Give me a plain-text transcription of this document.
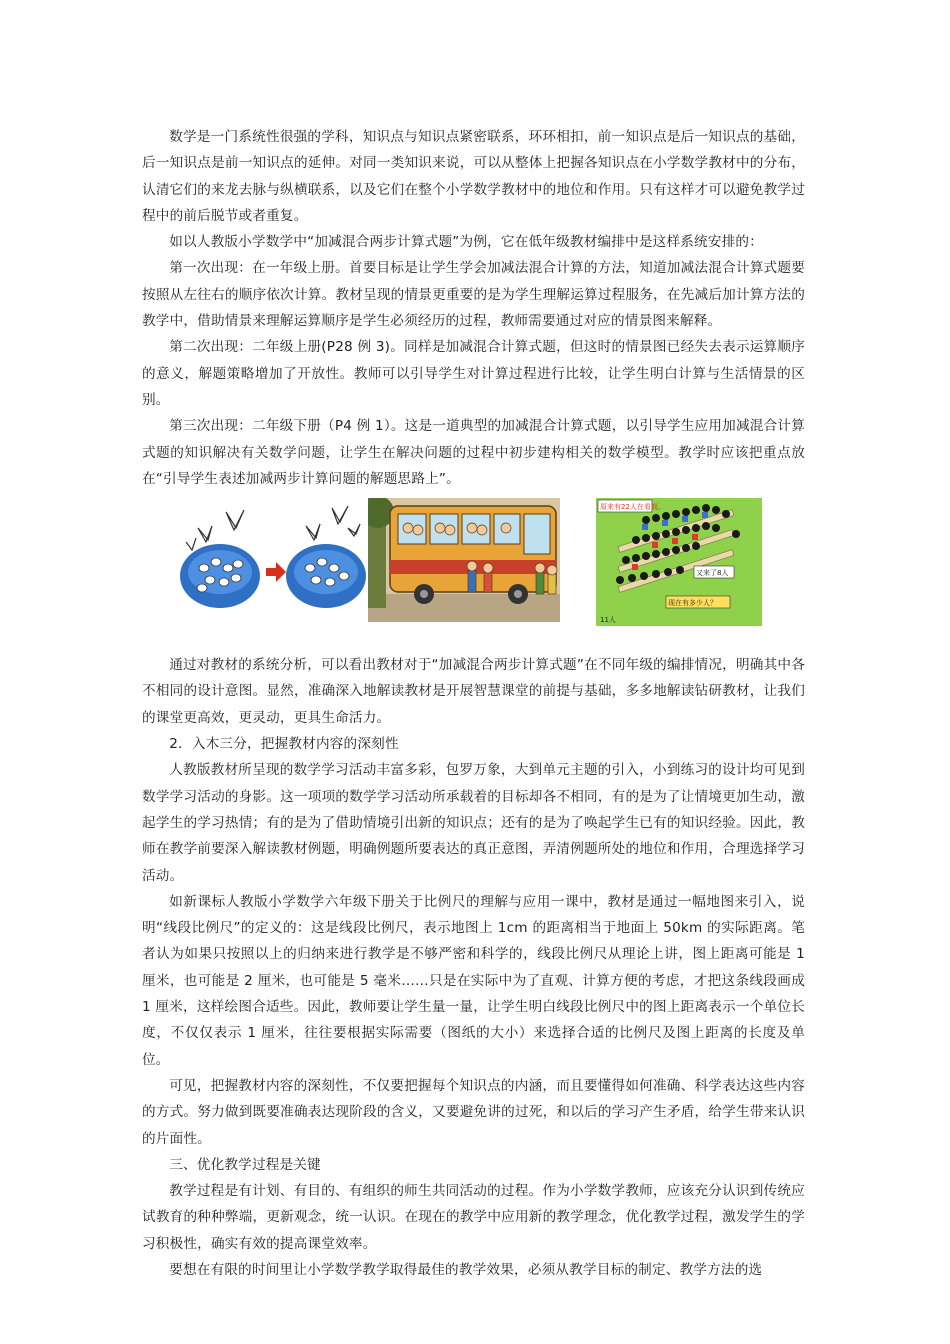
数学是一门系统性很强的学科，知识点与知识点紧密联系，环环相扣，前一知识点是后一知识点的基础，后一知识点是前一知识点的延伸。对同一类知识来说，可以从整体上把握各知识点在小学数学教材中的分布，认清它们的来龙去脉与纵横联系，以及它们在整个小学数学教材中的地位和作用。只有这样才可以避免教学过程中的前后脱节或者重复。

如以人教版小学数学中“加减混合两步计算式题”为例，它在低年级教材编排中是这样系统安排的：

第一次出现：在一年级上册。首要目标是让学生学会加减法混合计算的方法，知道加减法混合计算式题要按照从左往右的顺序依次计算。教材呈现的情景更重要的是为学生理解运算过程服务，在先减后加计算方法的教学中，借助情景来理解运算顺序是学生必须经历的过程，教师需要通过对应的情景图来解释。

第二次出现：二年级上册(P28 例 3)。同样是加减混合计算式题，但这时的情景图已经失去表示运算顺序的意义，解题策略增加了开放性。教师可以引导学生对计算过程进行比较，让学生明白计算与生活情景的区别。

第三次出现：二年级下册（P4 例 1）。这是一道典型的加减混合计算式题，以引导学生应用加减混合计算式题的知识解决有关数学问题，让学生在解决问题的过程中初步建构相关的数学模型。教学时应该把重点放在“引导学生表述加减两步计算问题的解题思路上”。

原来有22人在看戏。
又来了8人
现在有多少人？
11人

通过对教材的系统分析，可以看出教材对于“加减混合两步计算式题”在不同年级的编排情况，明确其中各不相同的设计意图。显然，准确深入地解读教材是开展智慧课堂的前提与基础，多多地解读钻研教材，让我们的课堂更高效，更灵动，更具生命活力。

2．入木三分，把握教材内容的深刻性

人教版教材所呈现的数学学习活动丰富多彩，包罗万象，大到单元主题的引入，小到练习的设计均可见到数学学习活动的身影。这一项项的数学学习活动所承载着的目标却各不相同，有的是为了让情境更加生动，激起学生的学习热情；有的是为了借助情境引出新的知识点；还有的是为了唤起学生已有的知识经验。因此，教师在教学前要深入解读教材例题，明确例题所要表达的真正意图，弄清例题所处的地位和作用，合理选择学习活动。

如新课标人教版小学数学六年级下册关于比例尺的理解与应用一课中，教材是通过一幅地图来引入，说明“线段比例尺”的定义的：这是线段比例尺，表示地图上 1cm 的距离相当于地面上 50km 的实际距离。笔者认为如果只按照以上的归纳来进行教学是不够严密和科学的，线段比例尺从理论上讲，图上距离可能是 1 厘米，也可能是 2 厘米，也可能是 5 毫米……只是在实际中为了直观、计算方便的考虑，才把这条线段画成 1 厘米，这样绘图合适些。因此，教师要让学生量一量，让学生明白线段比例尺中的图上距离表示一个单位长度，不仅仅表示 1 厘米，往往要根据实际需要（图纸的大小）来选择合适的比例尺及图上距离的长度及单位。

可见，把握教材内容的深刻性，不仅要把握每个知识点的内涵，而且要懂得如何准确、科学表达这些内容的方式。努力做到既要准确表达现阶段的含义，又要避免讲的过死，和以后的学习产生矛盾，给学生带来认识的片面性。

三、优化教学过程是关键

教学过程是有计划、有目的、有组织的师生共同活动的过程。作为小学数学教师，应该充分认识到传统应试教育的种种弊端，更新观念，统一认识。在现在的教学中应用新的教学理念，优化教学过程，激发学生的学习积极性，确实有效的提高课堂效率。

要想在有限的时间里让小学数学教学取得最佳的教学效果，必须从教学目标的制定、教学方法的选
